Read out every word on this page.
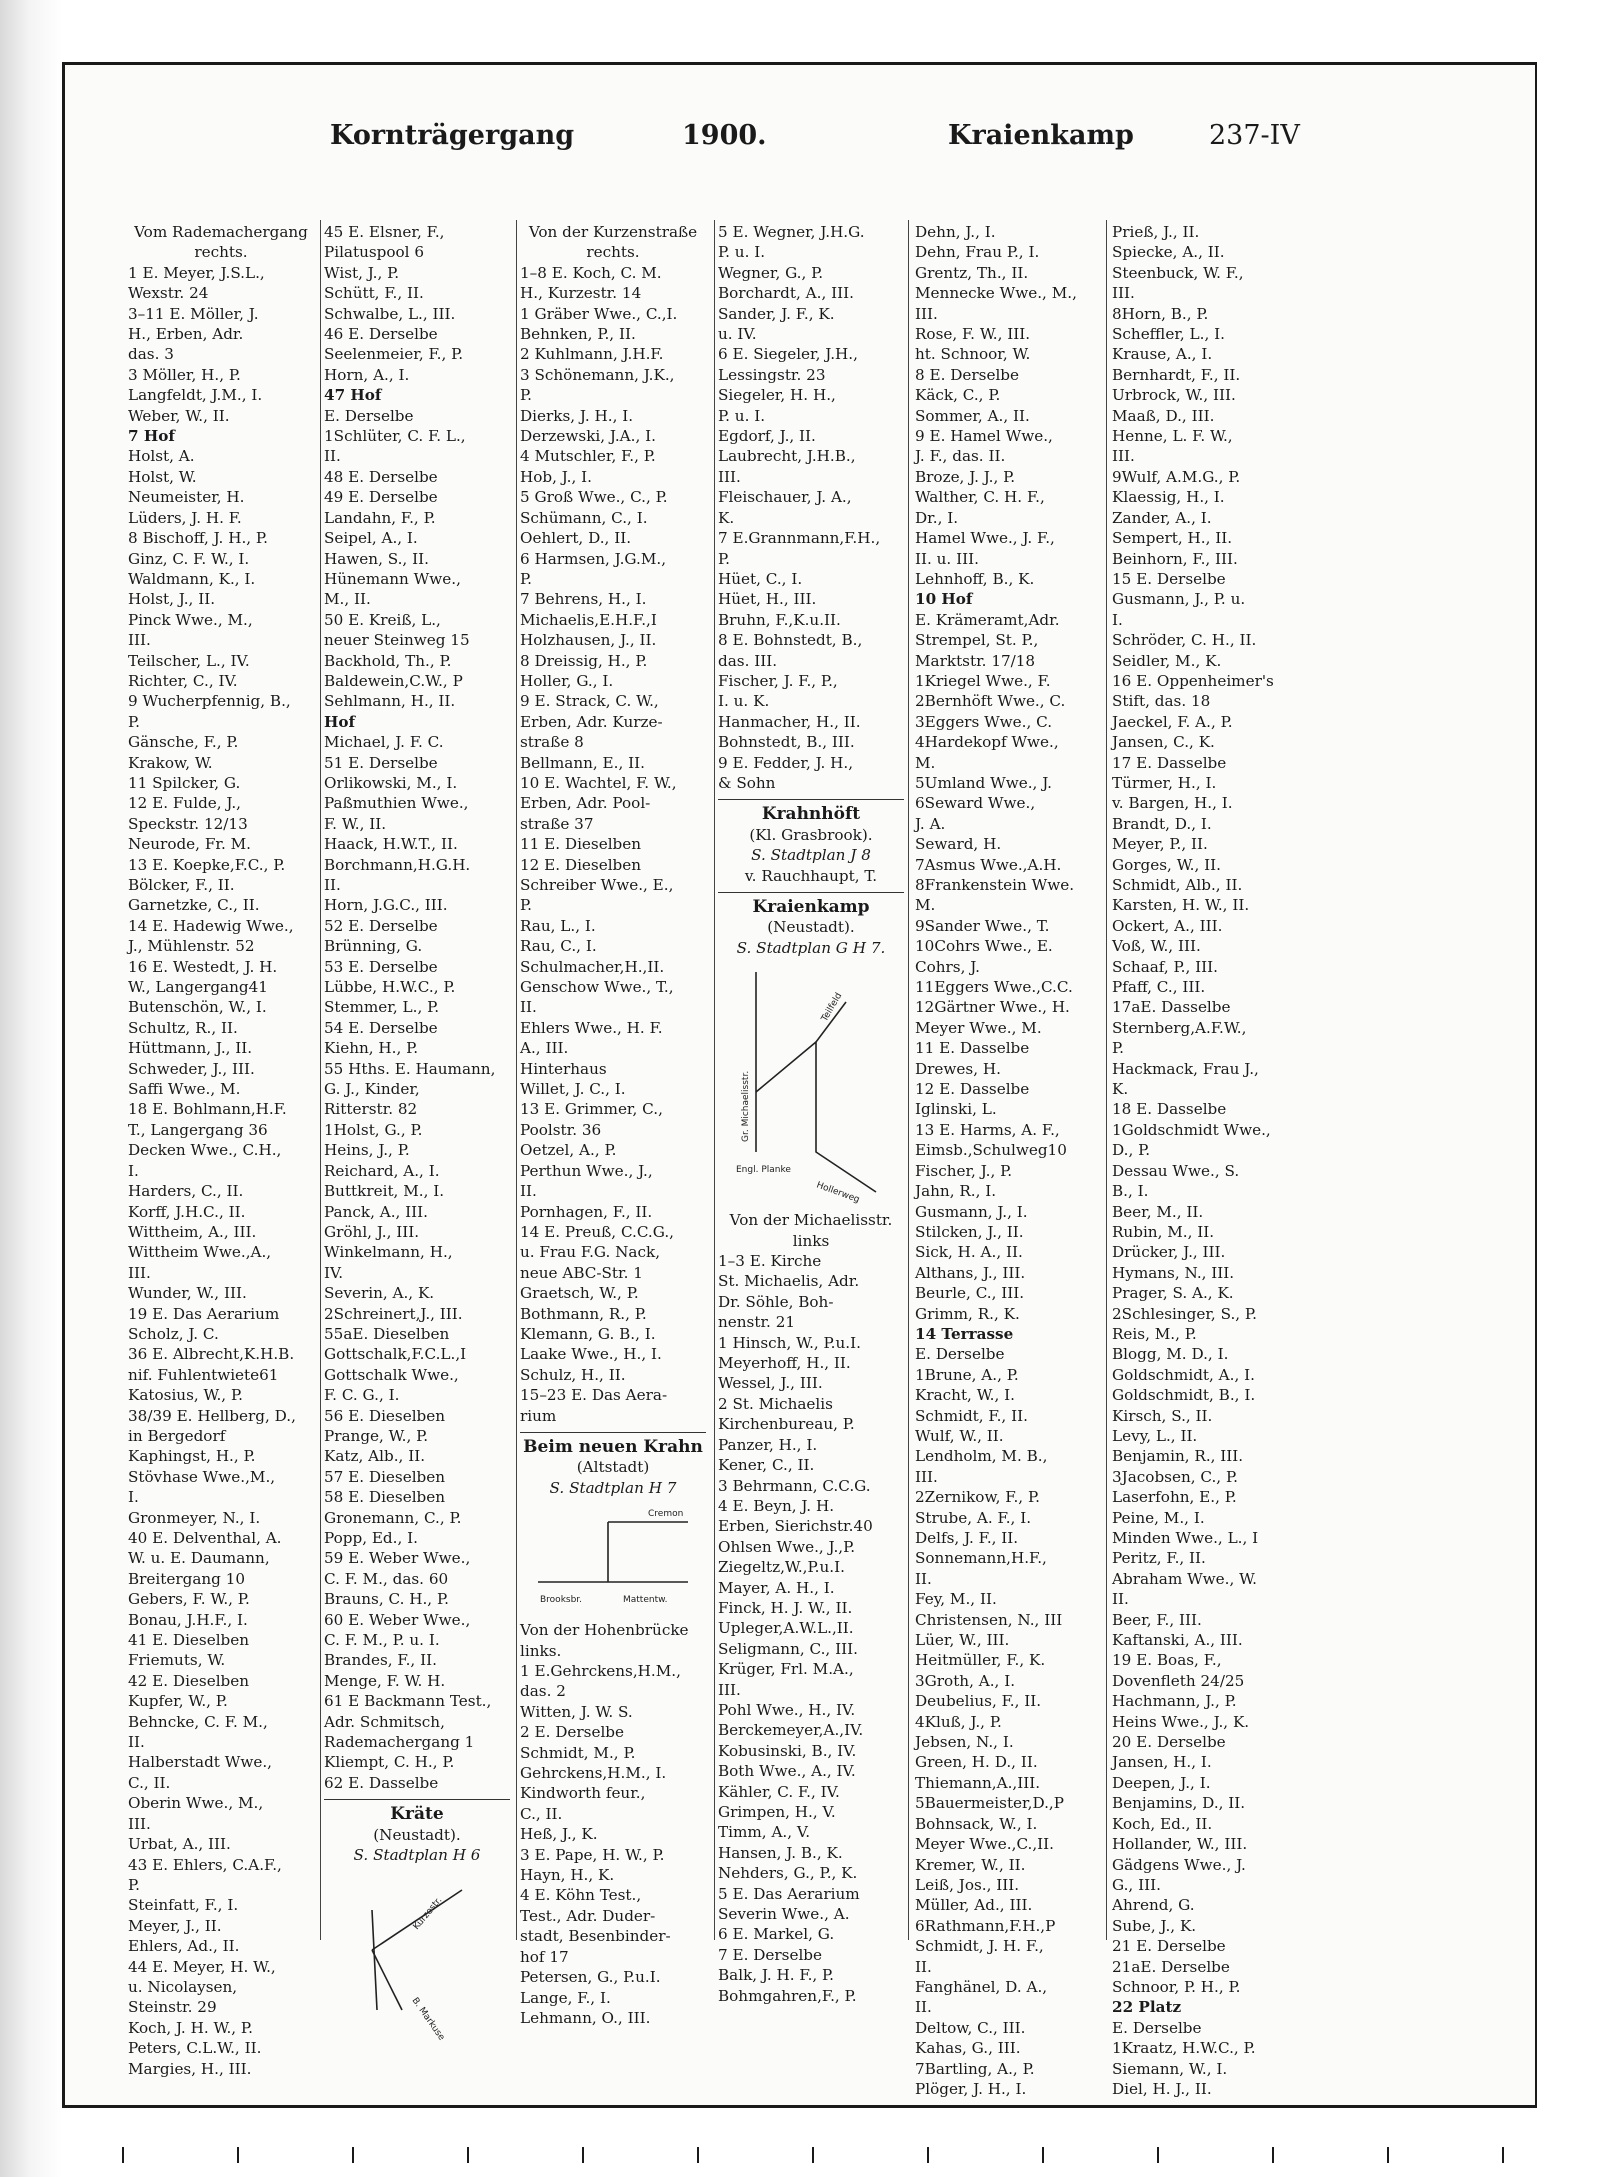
Kornträgergang	1900.	Kraienkamp	237-IV
Vom Rademachergang
rechts.
1 E. Meyer, J.S.L.,
Wexstr. 24
3–11 E. Möller, J.
H., Erben, Adr.
das. 3
3 Möller, H., P.
Langfeldt, J.M., I.
Weber, W., II.
7 Hof
Holst, A.
Holst, W.
Neumeister, H.
Lüders, J. H. F.
8 Bischoff, J. H., P.
Ginz, C. F. W., I.
Waldmann, K., I.
Holst, J., II.
Pinck Wwe., M.,
III.
Teilscher, L., IV.
Richter, C., IV.
9 Wucherpfennig, B.,
P.
Gänsche, F., P.
Krakow, W.
11 Spilcker, G.
12 E. Fulde, J.,
Speckstr. 12/13
Neurode, Fr. M.
13 E. Koepke,F.C., P.
Bölcker, F., II.
Garnetzke, C., II.
14 E. Hadewig Wwe.,
J., Mühlenstr. 52
16 E. Westedt, J. H.
W., Langergang41
Butenschön, W., I.
Schultz, R., II.
Hüttmann, J., II.
Schweder, J., III.
Saffi Wwe., M.
18 E. Bohlmann,H.F.
T., Langergang 36
Decken Wwe., C.H.,
I.
Harders, C., II.
Korff, J.H.C., II.
Wittheim, A., III.
Wittheim Wwe.,A.,
III.
Wunder, W., III.
19 E. Das Aerarium
Scholz, J. C.
36 E. Albrecht,K.H.B.
nif. Fuhlentwiete61
Katosius, W., P.
38/39 E. Hellberg, D.,
in Bergedorf
Kaphingst, H., P.
Stövhase Wwe.,M.,
I.
Gronmeyer, N., I.
40 E. Delventhal, A.
W. u. E. Daumann,
Breitergang 10
Gebers, F. W., P.
Bonau, J.H.F., I.
41 E. Dieselben
Friemuts, W.
42 E. Dieselben
Kupfer, W., P.
Behncke, C. F. M.,
II.
Halberstadt Wwe.,
C., II.
Oberin Wwe., M.,
III.
Urbat, A., III.
43 E. Ehlers, C.A.F.,
P.
Steinfatt, F., I.
Meyer, J., II.
Ehlers, Ad., II.
44 E. Meyer, H. W.,
u. Nicolaysen,
Steinstr. 29
Koch, J. H. W., P.
Peters, C.L.W., II.
Margies, H., III.
45 E. Elsner, F.,
Pilatuspool 6
Wist, J., P.
Schütt, F., II.
Schwalbe, L., III.
46 E. Derselbe
Seelenmeier, F., P.
Horn, A., I.
47 Hof
E. Derselbe
1Schlüter, C. F. L.,
II.
48 E. Derselbe
49 E. Derselbe
Landahn, F., P.
Seipel, A., I.
Hawen, S., II.
Hünemann Wwe.,
M., II.
50 E. Kreiß, L.,
neuer Steinweg 15
Backhold, Th., P.
Baldewein,C.W., P
Sehlmann, H., II.
Hof
Michael, J. F. C.
51 E. Derselbe
Orlikowski, M., I.
Paßmuthien Wwe.,
F. W., II.
Haack, H.W.T., II.
Borchmann,H.G.H.
II.
Horn, J.G.C., III.
52 E. Derselbe
Brünning, G.
53 E. Derselbe
Lübbe, H.W.C., P.
Stemmer, L., P.
54 E. Derselbe
Kiehn, H., P.
55 Hths. E. Haumann,
G. J., Kinder,
Ritterstr. 82
1Holst, G., P.
Heins, J., P.
Reichard, A., I.
Buttkreit, M., I.
Panck, A., III.
Gröhl, J., III.
Winkelmann, H.,
IV.
Severin, A., K.
2Schreinert,J., III.
55aE. Dieselben
Gottschalk,F.C.L.,I
Gottschalk Wwe.,
F. C. G., I.
56 E. Dieselben
Prange, W., P.
Katz, Alb., II.
57 E. Dieselben
58 E. Dieselben
Gronemann, C., P.
Popp, Ed., I.
59 E. Weber Wwe.,
C. F. M., das. 60
Brauns, C. H., P.
60 E. Weber Wwe.,
C. F. M., P. u. I.
Brandes, F., II.
Menge, F. W. H.
61 E Backmann Test.,
Adr. Schmitsch,
Rademachergang 1
Kliempt, C. H., P.
62 E. Dasselbe
Kräte
(Neustadt).
S. Stadtplan H 6
Kurzestr.
B. Markuse
Von der Kurzenstraße
rechts.
1–8 E. Koch, C. M.
H., Kurzestr. 14
1 Gräber Wwe., C.,I.
Behnken, P., II.
2 Kuhlmann, J.H.F.
3 Schönemann, J.K.,
P.
Dierks, J. H., I.
Derzewski, J.A., I.
4 Mutschler, F., P.
Hob, J., I.
5 Groß Wwe., C., P.
Schümann, C., I.
Oehlert, D., II.
6 Harmsen, J.G.M.,
P.
7 Behrens, H., I.
Michaelis,E.H.F.,I
Holzhausen, J., II.
8 Dreissig, H., P.
Holler, G., I.
9 E. Strack, C. W.,
Erben, Adr. Kurze-
straße 8
Bellmann, E., II.
10 E. Wachtel, F. W.,
Erben, Adr. Pool-
straße 37
11 E. Dieselben
12 E. Dieselben
Schreiber Wwe., E.,
P.
Rau, L., I.
Rau, C., I.
Schulmacher,H.,II.
Genschow Wwe., T.,
II.
Ehlers Wwe., H. F.
A., III.
Hinterhaus
Willet, J. C., I.
13 E. Grimmer, C.,
Poolstr. 36
Oetzel, A., P.
Perthun Wwe., J.,
II.
Pornhagen, F., II.
14 E. Preuß, C.C.G.,
u. Frau F.G. Nack,
neue ABC-Str. 1
Graetsch, W., P.
Bothmann, R., P.
Klemann, G. B., I.
Laake Wwe., H., I.
Schulz, H., II.
15–23 E. Das Aera-
rium
Beim neuen Krahn
(Altstadt)
S. Stadtplan H 7
Cremon
Brooksbr.	Mattentw.
Von der Hohenbrücke
links.
1 E.Gehrckens,H.M.,
das. 2
Witten, J. W. S.
2 E. Derselbe
Schmidt, M., P.
Gehrckens,H.M., I.
Kindworth feur.,
C., II.
Heß, J., K.
3 E. Pape, H. W., P.
Hayn, H., K.
4 E. Köhn Test.,
Test., Adr. Duder-
stadt, Besenbinder-
hof 17
Petersen, G., P.u.I.
Lange, F., I.
Lehmann, O., III.
5 E. Wegner, J.H.G.
P. u. I.
Wegner, G., P.
Borchardt, A., III.
Sander, J. F., K.
u. IV.
6 E. Siegeler, J.H.,
Lessingstr. 23
Siegeler, H. H.,
P. u. I.
Egdorf, J., II.
Laubrecht, J.H.B.,
III.
Fleischauer, J. A.,
K.
7 E.Grannmann,F.H.,
P.
Hüet, C., I.
Hüet, H., III.
Bruhn, F.,K.u.II.
8 E. Bohnstedt, B.,
das. III.
Fischer, J. F., P.,
I. u. K.
Hanmacher, H., II.
Bohnstedt, B., III.
9 E. Fedder, J. H.,
& Sohn
Krahnhöft
(Kl. Grasbrook).
S. Stadtplan J 8
v. Rauchhaupt, T.
Kraienkamp
(Neustadt).
S. Stadtplan G H 7.
Gr. Michaelisstr.
Teilfeld
Engl. Planke
Hollerweg
Von der Michaelisstr.
links
1–3 E. Kirche
St. Michaelis, Adr.
Dr. Söhle, Boh-
nenstr. 21
1 Hinsch, W., P.u.I.
Meyerhoff, H., II.
Wessel, J., III.
2 St. Michaelis
Kirchenbureau, P.
Panzer, H., I.
Kener, C., II.
3 Behrmann, C.C.G.
4 E. Beyn, J. H.
Erben, Sierichstr.40
Ohlsen Wwe., J.,P.
Ziegeltz,W.,P.u.I.
Mayer, A. H., I.
Finck, H. J. W., II.
Upleger,A.W.L.,II.
Seligmann, C., III.
Krüger, Frl. M.A.,
III.
Pohl Wwe., H., IV.
Berckemeyer,A.,IV.
Kobusinski, B., IV.
Both Wwe., A., IV.
Kähler, C. F., IV.
Grimpen, H., V.
Timm, A., V.
Hansen, J. B., K.
Nehders, G., P., K.
5 E. Das Aerarium
Severin Wwe., A.
6 E. Markel, G.
7 E. Derselbe
Balk, J. H. F., P.
Bohmgahren,F., P.
Dehn, J., I.
Dehn, Frau P., I.
Grentz, Th., II.
Mennecke Wwe., M.,
III.
Rose, F. W., III.
ht. Schnoor, W.
8 E. Derselbe
Käck, C., P.
Sommer, A., II.
9 E. Hamel Wwe.,
J. F., das. II.
Broze, J. J., P.
Walther, C. H. F.,
Dr., I.
Hamel Wwe., J. F.,
II. u. III.
Lehnhoff, B., K.
10 Hof
E. Krämeramt,Adr.
Strempel, St. P.,
Marktstr. 17/18
1Kriegel Wwe., F.
2Bernhöft Wwe., C.
3Eggers Wwe., C.
4Hardekopf Wwe.,
M.
5Umland Wwe., J.
6Seward Wwe.,
J. A.
Seward, H.
7Asmus Wwe.,A.H.
8Frankenstein Wwe.
M.
9Sander Wwe., T.
10Cohrs Wwe., E.
Cohrs, J.
11Eggers Wwe.,C.C.
12Gärtner Wwe., H.
Meyer Wwe., M.
11 E. Dasselbe
Drewes, H.
12 E. Dasselbe
Iglinski, L.
13 E. Harms, A. F.,
Eimsb.,Schulweg10
Fischer, J., P.
Jahn, R., I.
Gusmann, J., I.
Stilcken, J., II.
Sick, H. A., II.
Althans, J., III.
Beurle, C., III.
Grimm, R., K.
14 Terrasse
E. Derselbe
1Brune, A., P.
Kracht, W., I.
Schmidt, F., II.
Wulf, W., II.
Lendholm, M. B.,
III.
2Zernikow, F., P.
Strube, A. F., I.
Delfs, J. F., II.
Sonnemann,H.F.,
II.
Fey, M., II.
Christensen, N., III
Lüer, W., III.
Heitmüller, F., K.
3Groth, A., I.
Deubelius, F., II.
4Kluß, J., P.
Jebsen, N., I.
Green, H. D., II.
Thiemann,A.,III.
5Bauermeister,D.,P
Bohnsack, W., I.
Meyer Wwe.,C.,II.
Kremer, W., II.
Leiß, Jos., III.
Müller, Ad., III.
6Rathmann,F.H.,P
Schmidt, J. H. F.,
II.
Fanghänel, D. A.,
II.
Deltow, C., III.
Kahas, G., III.
7Bartling, A., P.
Plöger, J. H., I.
Prieß, J., II.
Spiecke, A., II.
Steenbuck, W. F.,
III.
8Horn, B., P.
Scheffler, L., I.
Krause, A., I.
Bernhardt, F., II.
Urbrock, W., III.
Maaß, D., III.
Henne, L. F. W.,
III.
9Wulf, A.M.G., P.
Klaessig, H., I.
Zander, A., I.
Sempert, H., II.
Beinhorn, F., III.
15 E. Derselbe
Gusmann, J., P. u.
I.
Schröder, C. H., II.
Seidler, M., K.
16 E. Oppenheimer's
Stift, das. 18
Jaeckel, F. A., P.
Jansen, C., K.
17 E. Dasselbe
Türmer, H., I.
v. Bargen, H., I.
Brandt, D., I.
Meyer, P., II.
Gorges, W., II.
Schmidt, Alb., II.
Karsten, H. W., II.
Ockert, A., III.
Voß, W., III.
Schaaf, P., III.
Pfaff, C., III.
17aE. Dasselbe
Sternberg,A.F.W.,
P.
Hackmack, Frau J.,
K.
18 E. Dasselbe
1Goldschmidt Wwe.,
D., P.
Dessau Wwe., S.
B., I.
Beer, M., II.
Rubin, M., II.
Drücker, J., III.
Hymans, N., III.
Prager, S. A., K.
2Schlesinger, S., P.
Reis, M., P.
Blogg, M. D., I.
Goldschmidt, A., I.
Goldschmidt, B., I.
Kirsch, S., II.
Levy, L., II.
Benjamin, R., III.
3Jacobsen, C., P.
Laserfohn, E., P.
Peine, M., I.
Minden Wwe., L., I
Peritz, F., II.
Abraham Wwe., W.
II.
Beer, F., III.
Kaftanski, A., III.
19 E. Boas, F.,
Dovenfleth 24/25
Hachmann, J., P.
Heins Wwe., J., K.
20 E. Derselbe
Jansen, H., I.
Deepen, J., I.
Benjamins, D., II.
Koch, Ed., II.
Hollander, W., III.
Gädgens Wwe., J.
G., III.
Ahrend, G.
Sube, J., K.
21 E. Derselbe
21aE. Derselbe
Schnoor, P. H., P.
22 Platz
E. Derselbe
1Kraatz, H.W.C., P.
Siemann, W., I.
Diel, H. J., II.
